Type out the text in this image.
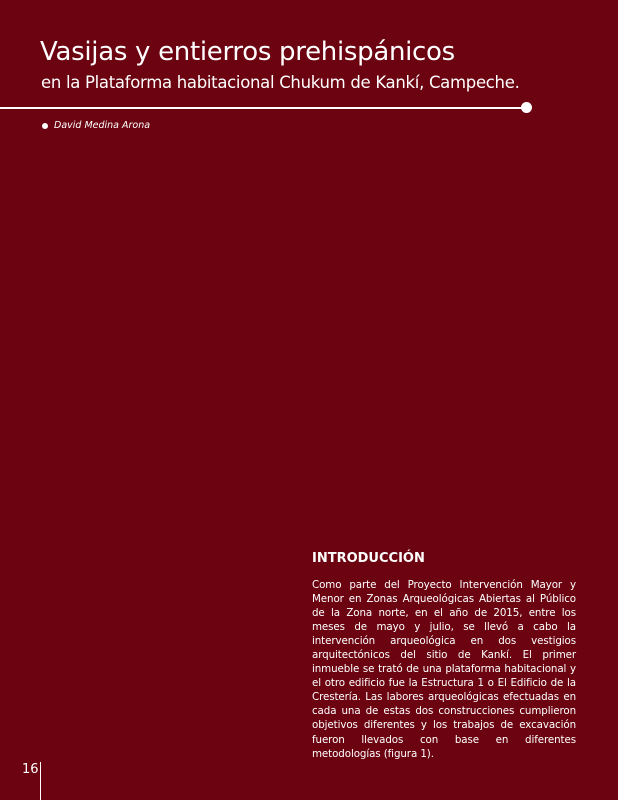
Vasijas y entierros prehispánicos
en la Plataforma habitacional Chukum de Kankí, Campeche.
David Medina Arona
INTRODUCCIÓN

Como parte del Proyecto Intervención Mayor y Menor en Zonas Arqueológicas Abiertas al Público de la Zona norte, en el año de 2015, entre los meses de mayo y julio, se llevó a cabo la intervención arqueológica en dos vestigios arquitectónicos del sitio de Kankí. El primer inmueble se trató de una plataforma habitacional y el otro edificio fue la Estructura 1 o El Edificio de la Crestería. Las labores arqueológicas efectuadas en cada una de estas dos construcciones cumplieron objetivos diferentes y los trabajos de excavación fueron llevados con base en diferentes metodologías (figura 1).

16
